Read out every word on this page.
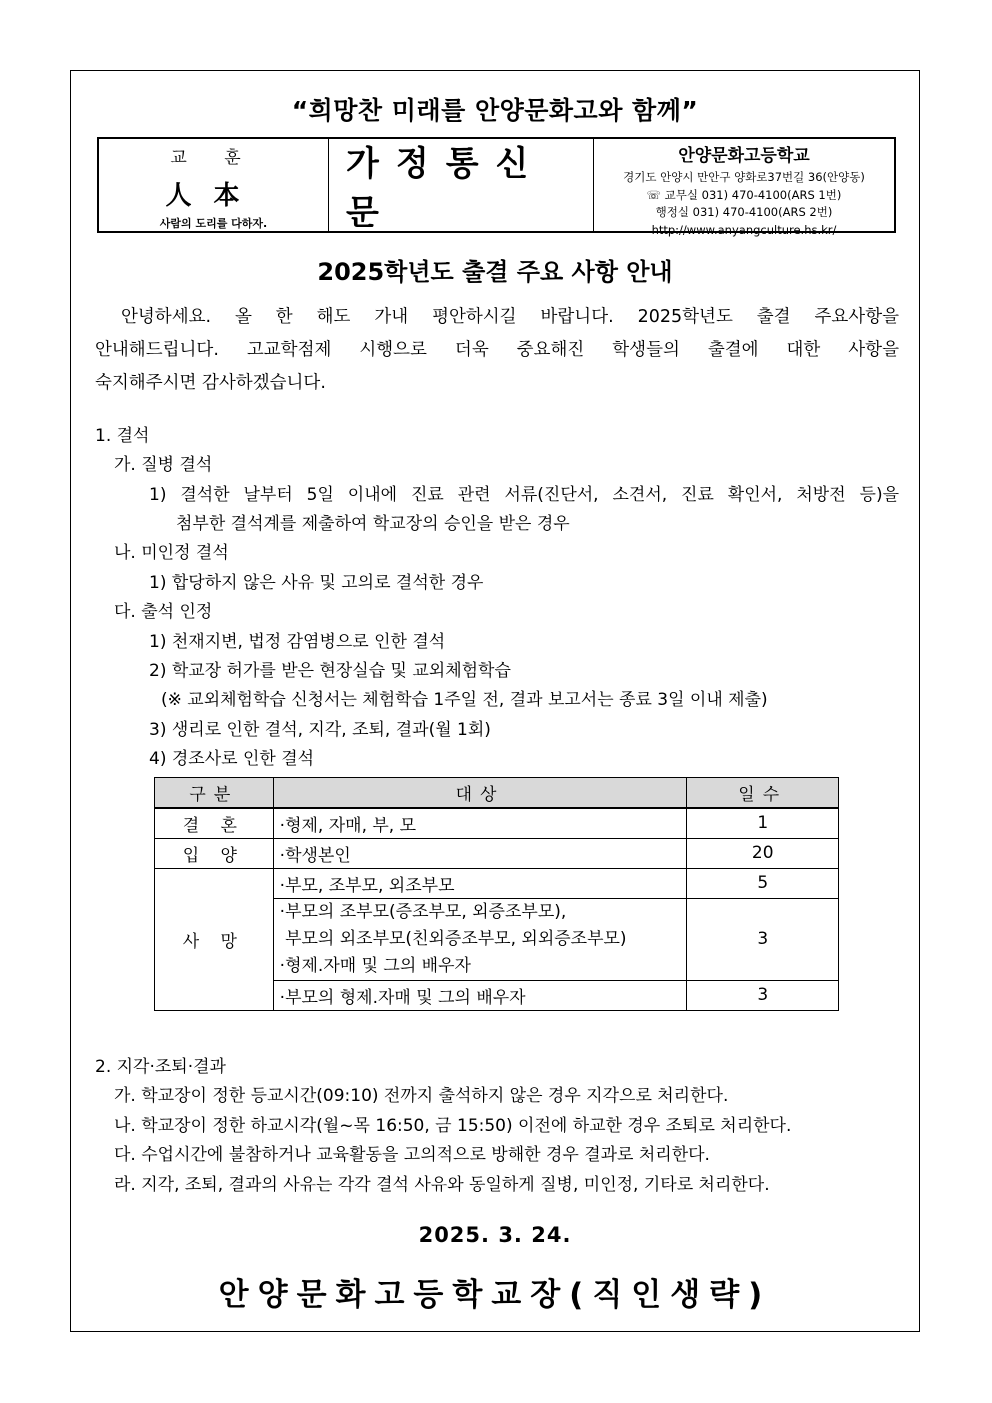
“희망찬 미래를 안양문화고와 함께”
교 훈
人本
사람의 도리를 다하자.
가정통신문
안양문화고등학교
경기도 안양시 만안구 양화로37번길 36(안양동)
☏ 교무실 031) 470-4100(ARS 1번)
행정실 031) 470-4100(ARS 2번)
http://www.anyangculture.hs.kr/
2025학년도 출결 주요 사항 안내
안녕하세요. 올 한 해도 가내 평안하시길 바랍니다. 2025학년도 출결 주요사항을
안내해드립니다. 고교학점제 시행으로 더욱 중요해진 학생들의 출결에 대한 사항을
숙지해주시면 감사하겠습니다.
1. 결석
가. 질병 결석
1) 결석한 날부터 5일 이내에 진료 관련 서류(진단서, 소견서, 진료 확인서, 처방전 등)을
첨부한 결석계를 제출하여 학교장의 승인을 받은 경우
나. 미인정 결석
1) 합당하지 않은 사유 및 고의로 결석한 경우
다. 출석 인정
1) 천재지변, 법정 감염병으로 인한 결석
2) 학교장 허가를 받은 현장실습 및 교외체험학습
(※ 교외체험학습 신청서는 체험학습 1주일 전, 결과 보고서는 종료 3일 이내 제출)
3) 생리로 인한 결석, 지각, 조퇴, 결과(월 1회)
4) 경조사로 인한 결석
구분	대상	일수
결 혼	·형제, 자매, 부, 모	1
입 양	·학생본인	20
사 망	·부모, 조부모, 외조부모	5

	·부모의 조부모(증조부모, 외증조부모),
부모의 외조부모(친외증조부모, 외외증조부모)
·형제.자매 및 그의 배우자	3
	·부모의 형제.자매 및 그의 배우자	3
2. 지각·조퇴·결과
가. 학교장이 정한 등교시간(09:10) 전까지 출석하지 않은 경우 지각으로 처리한다.
나. 학교장이 정한 하교시각(월~목 16:50, 금 15:50) 이전에 하교한 경우 조퇴로 처리한다.
다. 수업시간에 불참하거나 교육활동을 고의적으로 방해한 경우 결과로 처리한다.
라. 지각, 조퇴, 결과의 사유는 각각 결석 사유와 동일하게 질병, 미인정, 기타로 처리한다.
2025. 3. 24.
안양문화고등학교장(직인생략)
